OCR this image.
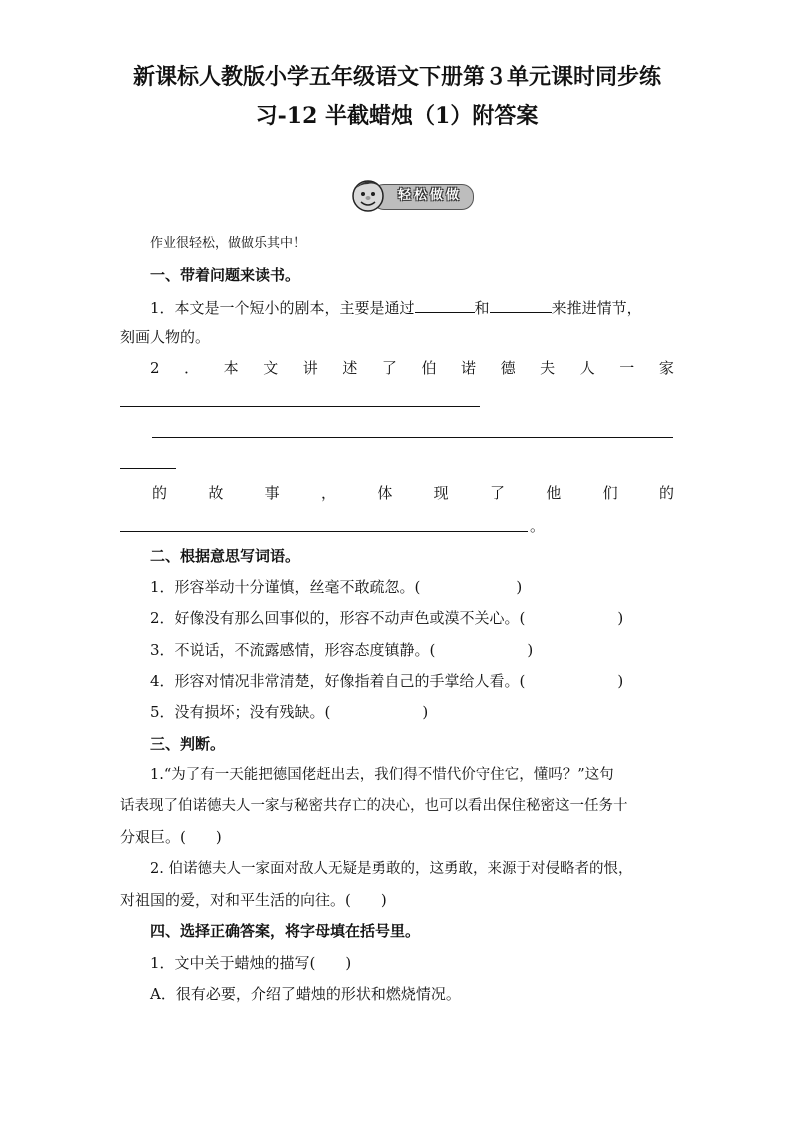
新课标人教版小学五年级语文下册第３单元课时同步练
习-12 半截蜡烛（1）附答案
轻松做做
作业很轻松，做做乐其中！
一、带着问题来读书。
1．本文是一个短小的剧本，主要是通过	和	来推进情节，
刻画人物的。
2 ． 本 文 讲 述 了 伯 诺 德 夫 人 一 家
的	故	事	，	体	现	了	他	们	的
。
二、根据意思写词语。
1．形容举动十分谨慎，丝毫不敢疏忽。(	)
2．好像没有那么回事似的，形容不动声色或漠不关心。(	)
3．不说话，不流露感情，形容态度镇静。(	)
4．形容对情况非常清楚，好像指着自己的手掌给人看。(	)
5．没有损坏；没有残缺。(	)
三、判断。
1.“为了有一天能把德国佬赶出去，我们得不惜代价守住它，懂吗？”这句
话表现了伯诺德夫人一家与秘密共存亡的决心，也可以看出保住秘密这一任务十
分艰巨。(　　)
2. 伯诺德夫人一家面对敌人无疑是勇敢的，这勇敢，来源于对侵略者的恨，
对祖国的爱，对和平生活的向往。(　　)
四、选择正确答案，将字母填在括号里。
1．文中关于蜡烛的描写(　　)
A．很有必要，介绍了蜡烛的形状和燃烧情况。
